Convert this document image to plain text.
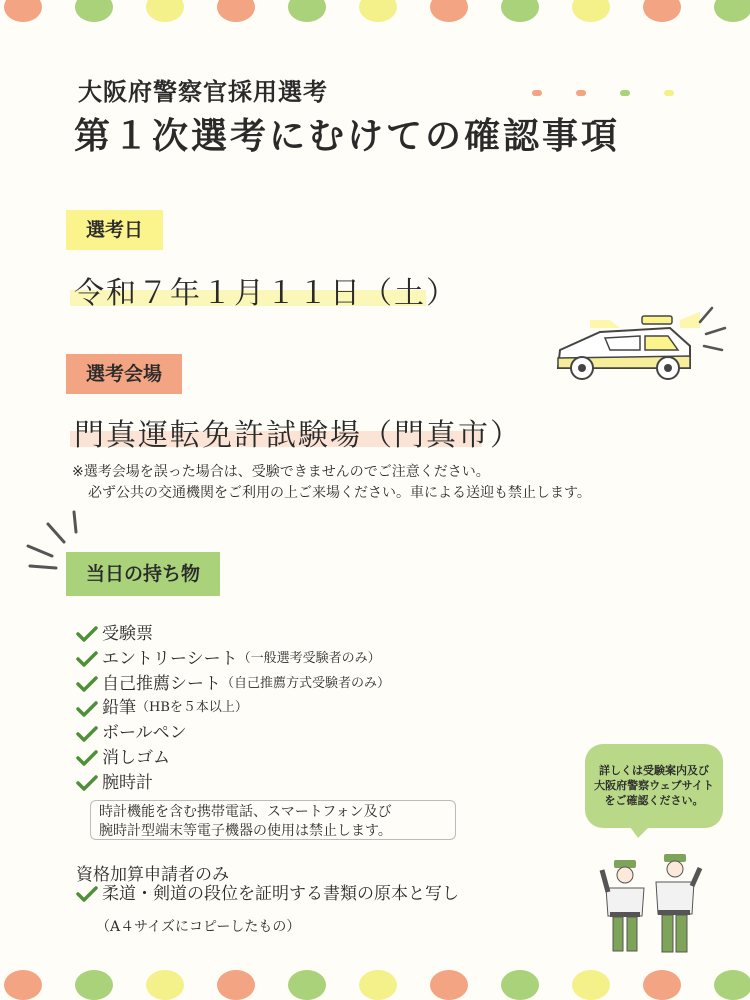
大阪府警察官採用選考
第１次選考にむけての確認事項
選考日
令和７年１月１１日（土）
選考会場
門真運転免許試験場（門真市）
※選考会場を誤った場合は、受験できませんのでご注意ください。
必ず公共の交通機関をご利用の上ご来場ください。車による送迎も禁止します。
当日の持ち物
受験票
エントリーシート （一般選考受験者のみ）
自己推薦シート （自己推薦方式受験者のみ）
鉛筆 （HBを５本以上）
ボールペン
消しゴム
腕時計
時計機能を含む携帯電話、スマートフォン及び
腕時計型端末等電子機器の使用は禁止します。
資格加算申請者のみ
柔道・剣道の段位を証明する書類の原本と写し
（A４サイズにコピーしたもの）
詳しくは受験案内及び
大阪府警察ウェブサイト
をご確認ください。
